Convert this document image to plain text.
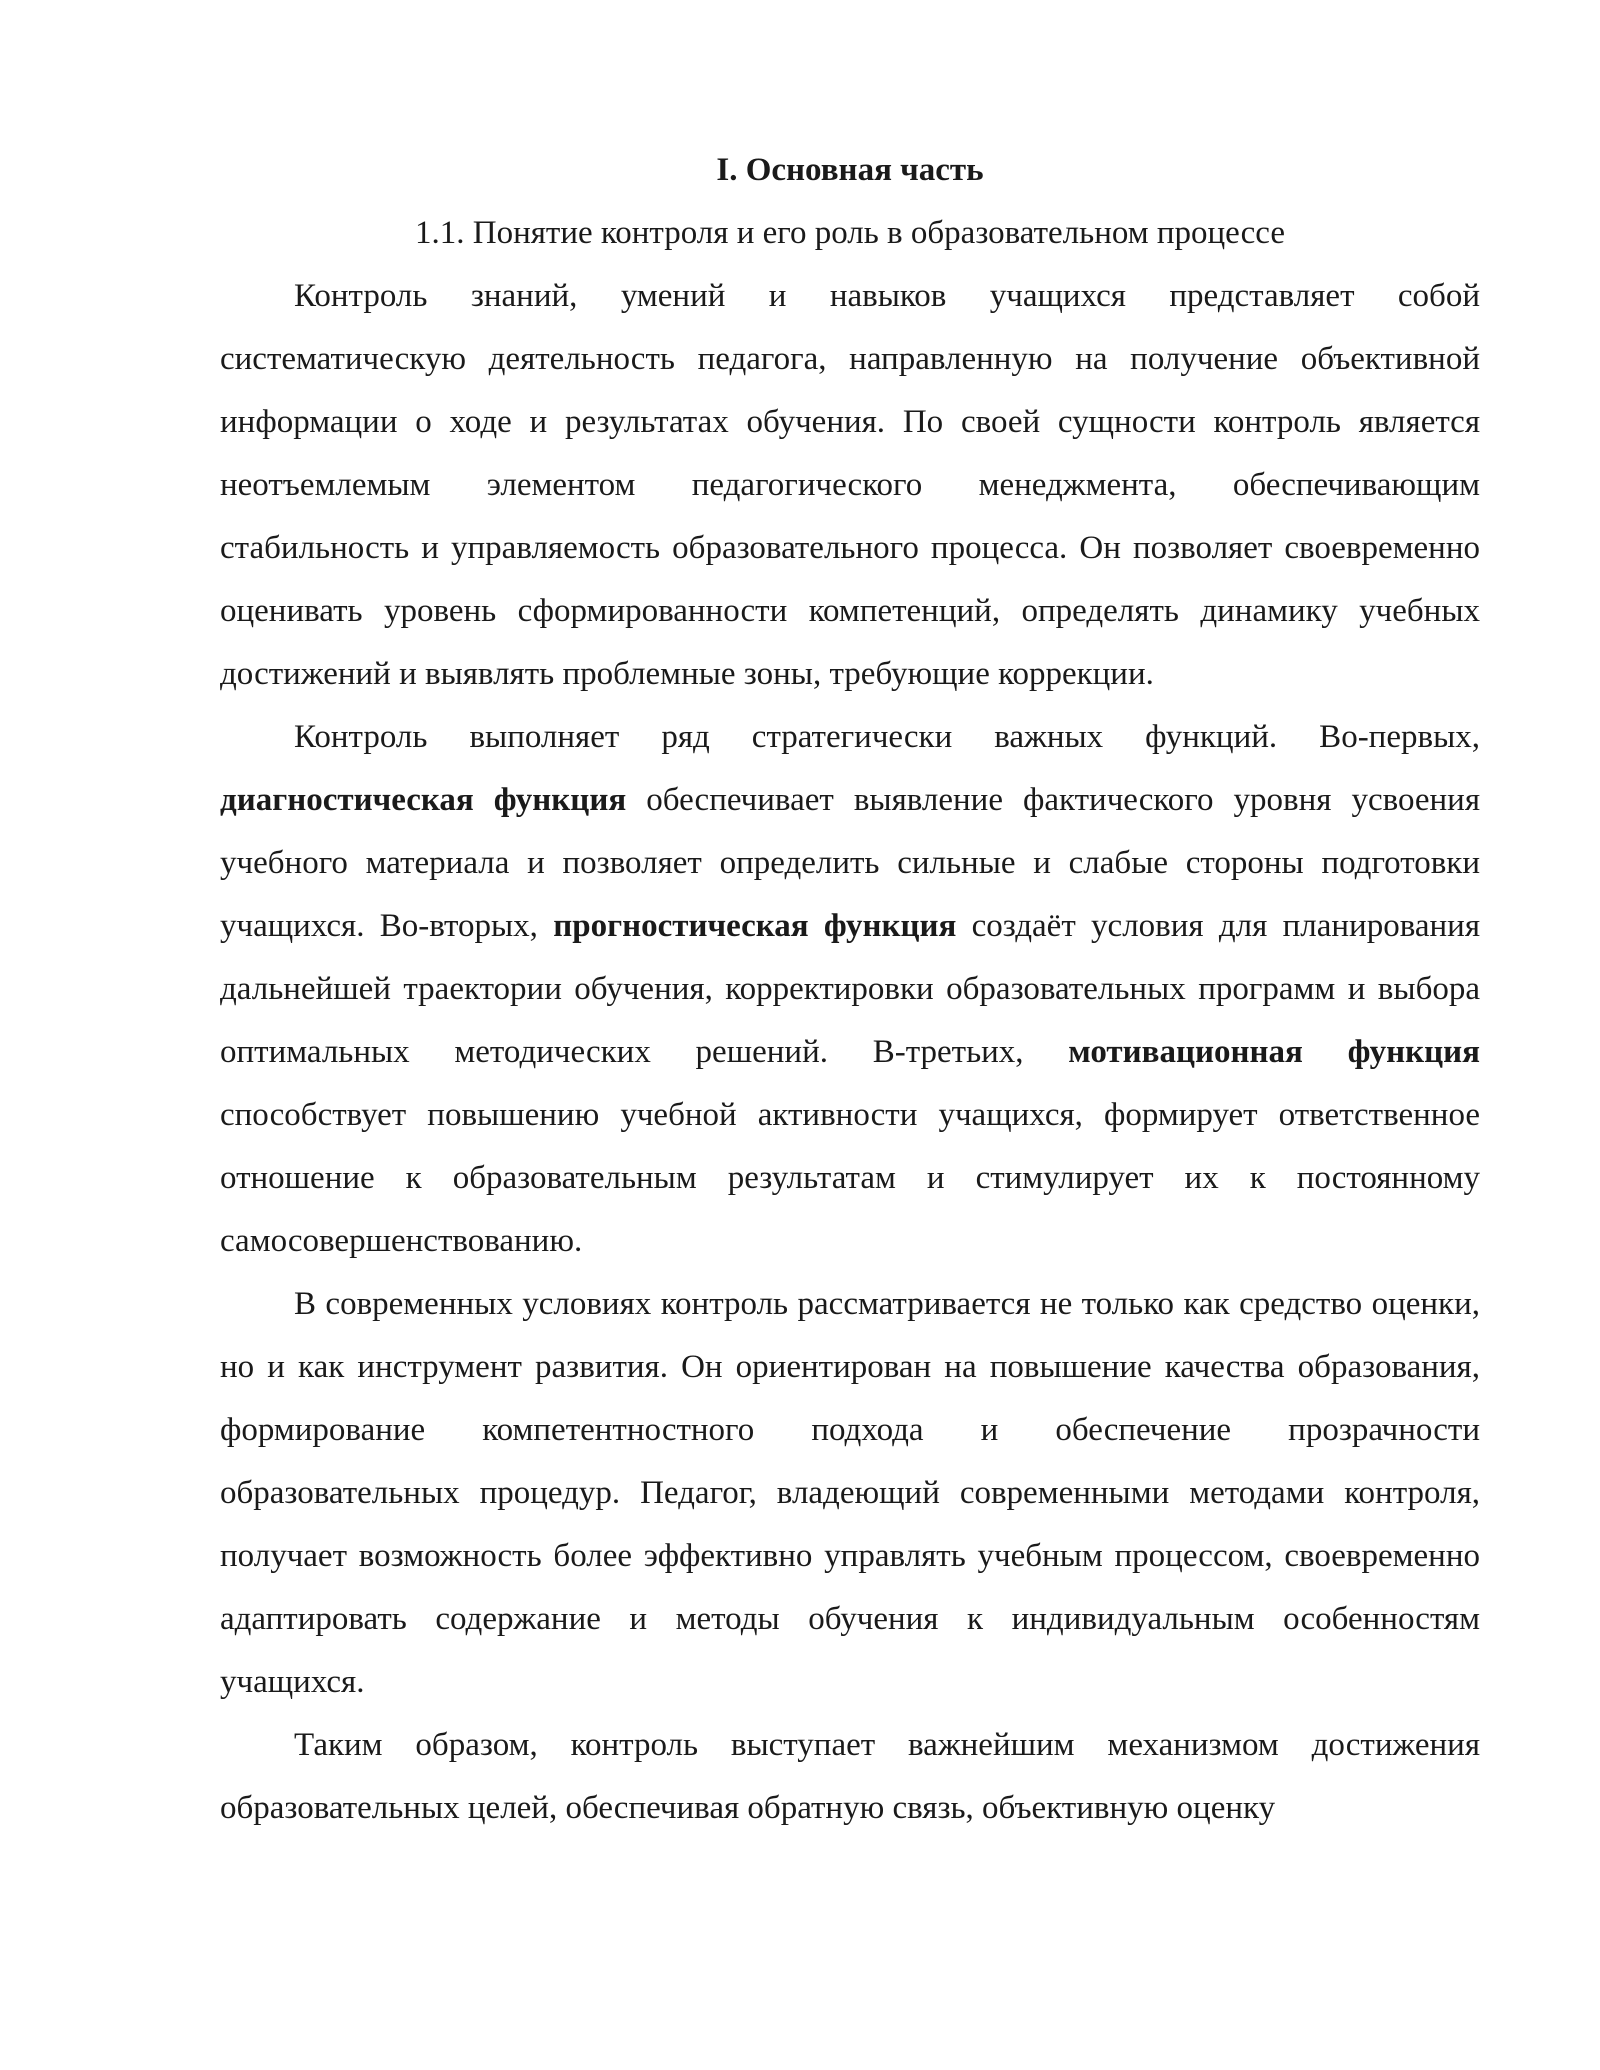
I. Основная часть
1.1. Понятие контроля и его роль в образовательном процессе

Контроль знаний, умений и навыков учащихся представляет собой систематическую деятельность педагога, направленную на получение объективной информации о ходе и результатах обучения. По своей сущности контроль является неотъемлемым элементом педагогического менеджмента, обеспечивающим стабильность и управляемость образовательного процесса. Он позволяет своевременно оценивать уровень сформированности компетенций, определять динамику учебных достижений и выявлять проблемные зоны, требующие коррекции.

Контроль выполняет ряд стратегически важных функций. Во-первых, диагностическая функция обеспечивает выявление фактического уровня усвоения учебного материала и позволяет определить сильные и слабые стороны подготовки учащихся. Во-вторых, прогностическая функция создаёт условия для планирования дальнейшей траектории обучения, корректировки образовательных программ и выбора оптимальных методических решений. В-третьих, мотивационная функция способствует повышению учебной активности учащихся, формирует ответственное отношение к образовательным результатам и стимулирует их к постоянному самосовершенствованию.

В современных условиях контроль рассматривается не только как средство оценки, но и как инструмент развития. Он ориентирован на повышение качества образования, формирование компетентностного подхода и обеспечение прозрачности образовательных процедур. Педагог, владеющий современными методами контроля, получает возможность более эффективно управлять учебным процессом, своевременно адаптировать содержание и методы обучения к индивидуальным особенностям учащихся.

Таким образом, контроль выступает важнейшим механизмом достижения образовательных целей, обеспечивая обратную связь, объективную оценку
